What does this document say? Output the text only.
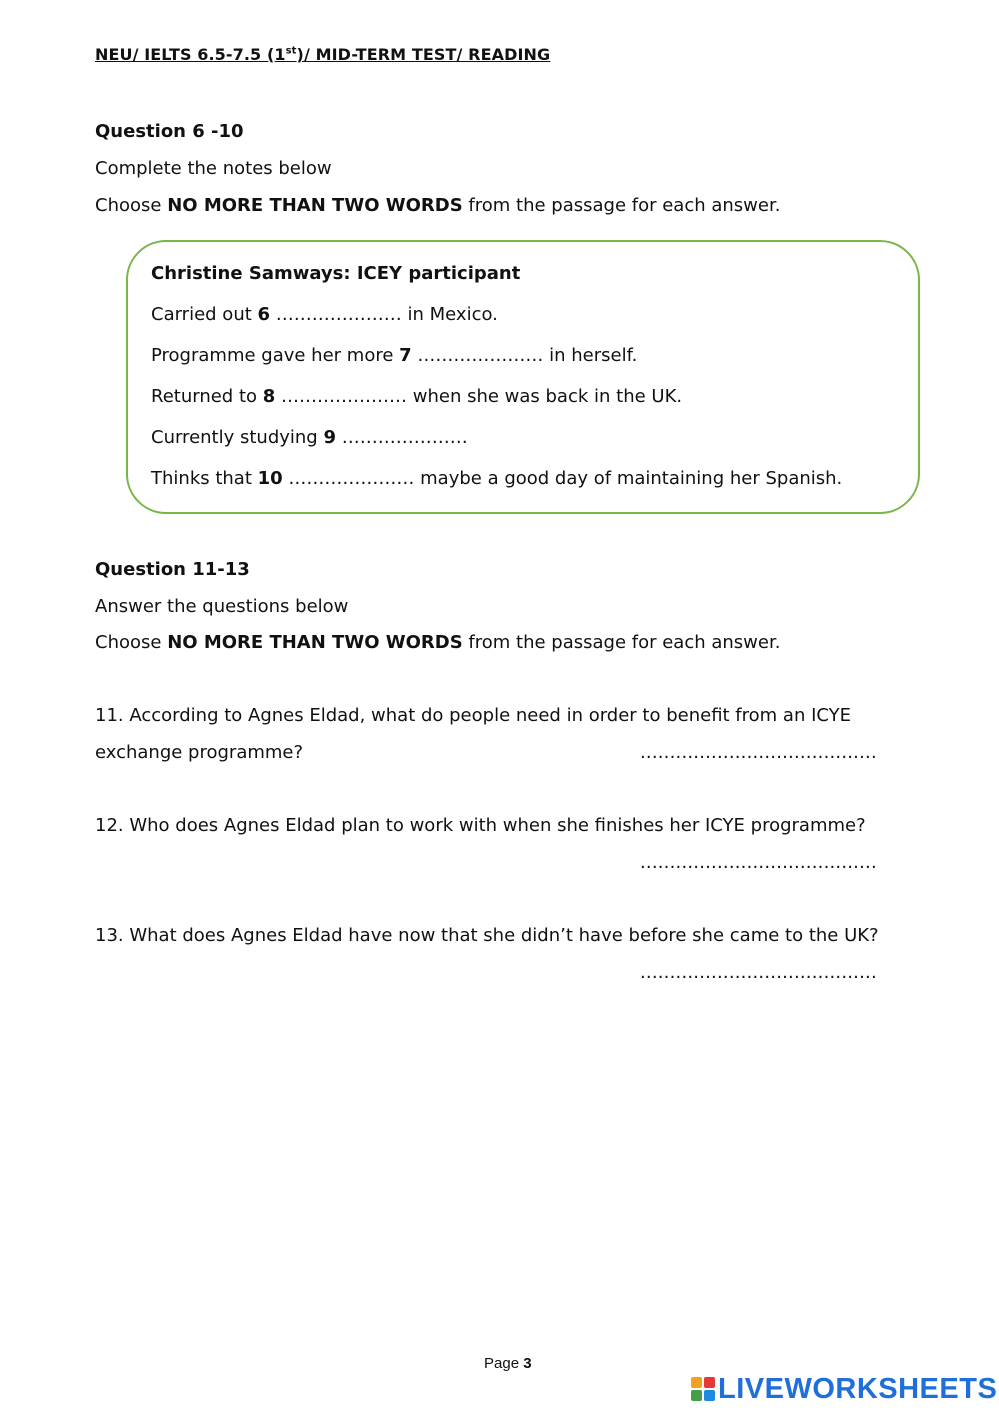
NEU/ IELTS 6.5-7.5 (1st)/ MID-TERM TEST/ READING
Question 6 -10
Complete the notes below
Choose NO MORE THAN TWO WORDS from the passage for each answer.
Christine Samways: ICEY participant
Carried out 6 ………………… in Mexico.
Programme gave her more 7 ………………… in herself.
Returned to 8 ………………… when she was back in the UK.
Currently studying 9 …………………
Thinks that 10 ………………… maybe a good day of maintaining her Spanish.
Question 11-13
Answer the questions below
Choose NO MORE THAN TWO WORDS from the passage for each answer.
11. According to Agnes Eldad, what do people need in order to benefit from an ICYE
exchange programme?	........................................
12. Who does Agnes Eldad plan to work with when she finishes her ICYE programme?
........................................
13. What does Agnes Eldad have now that she didn’t have before she came to the UK?
........................................
Page 3
LIVEWORKSHEETS
